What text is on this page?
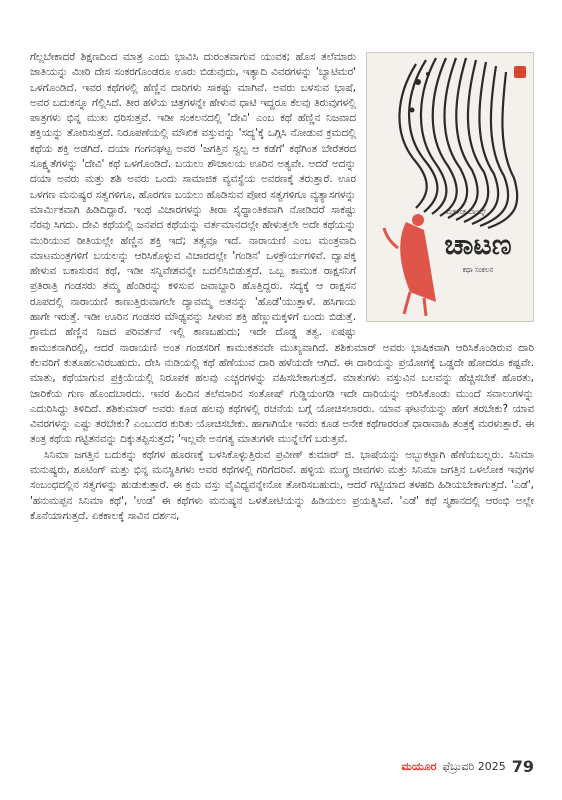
ಮಕಳಂಕ ಬಾಯ್ಕ್
ಚಾಟಣ
ಕಥಾ ಸಂಕಲನ

ಗೆಲ್ಲಬೇಕಾದರೆ ಶಿಕ್ಷಣದಿಂದ ಮಾತ್ರ ಎಂದು ಭಾವಿಸಿ ದುರಂತವಾಗುವ ಯುವಕ; ಹೊಸ ತಲೆಮಾರು ಜಾತಿಯನ್ನು ಮೀರಿ ದೇಸ ಸಂಕರಗೊಂಡರೂ ಊರು ಬಿಡುವುದು, ಇತ್ಯಾದಿ ವಿವರಗಳನ್ನು 'ಬ್ಯಾಟಿಮರ' ಒಳಗೊಂಡಿದೆ. ಇವರ ಕಥೆಗಳಲ್ಲಿ ಹೆಣ್ಣಿನ ದಾರಿಗಳು ಸಾಕಷ್ಟು ಮಾಗಿವೆ. ಅವರು ಬಳಸುವ ಭಾಷೆ, ಅವರ ಬದುಕನ್ನೂ ಗೆಲ್ಲಿಸಿದೆ. ತೀರ ಹಳೆಯ ಚಿತ್ರಗಳನ್ನೇ ಹೇಳುವ ಧಾಟಿ ಇದ್ದರೂ ಕೆಲವು ತಿರುವುಗಳಲ್ಲಿ ಪಾತ್ರಗಳು ಭಿನ್ನ ಮುಖ ಧರಿಸುತ್ತವೆ. ಇಡೀ ಸಂಕಲನದಲ್ಲಿ 'ದೇವಿ' ಎಂಬ ಕಥೆ ಹೆಣ್ಣಿನ ನಿಜವಾದ ಶಕ್ತಿಯನ್ನು ತೋರಿಸುತ್ತದೆ. ನಿರೂಪಣೆಯಲ್ಲಿ ಮೌಖಿಕ ವಸ್ತುವನ್ನು 'ಸದ್ಯ'ಕ್ಕೆ ಒಗ್ಗಿಸಿ ನೋಡುವ ಕ್ರಮದಲ್ಲಿ ಕಥೆಯ ಶಕ್ತಿ ಅಡಗಿದೆ. ದಯಾ ಗಂಗನಘಟ್ಟ ಅವರ 'ಜಗತ್ತಿನ ಸ್ವಲ್ಪ ಆ ಕಡೆಗೆ' ಕಥೆಗಿಂತ ಬೇರೆತರದ ಸೂಕ್ಷ್ಮತೆಗಳನ್ನು 'ದೇವಿ' ಕಥೆ ಒಳಗೊಂಡಿದೆ. ಬಯಲು ಶೌಚಾಲಯ ಊರಿನ ಅತ್ಯವೇ. ಅದರೆ ಅದನ್ನು ದಯಾ ಅವರು ಮತ್ತು ಶಶಿ ಅವರು ಒಂದು ಸಾಮಾಜಿಕ ವ್ಯವಸ್ಥೆಯ ಅವರಣಕ್ಕೆ ತರುತ್ತಾರೆ. ಊರ ಒಳಗಣ ಮನುಷ್ಯರ ಸತ್ವಗಳಿಗೂ, ಹೊರಗಣ ಬಯಲು ಹೊಡಿಸುವ ಪೋರ ಸತ್ವಗಳಿಗೂ ವ್ಯತ್ಯಾಸಗಳನ್ನು ಮಾರ್ಮಿಕವಾಗಿ ಹಿಡಿದಿದ್ದಾರೆ. ಇಂಥ ವಿಚಾರಗಳನ್ನು ತೀರಾ ಸೈದ್ಧಾಂತಿಕವಾಗಿ ನೋಡಿದರೆ ಸಾಕಷ್ಟು ನೆರವು ಸಿಗದು. ದೇವಿ ಕಥೆಯಲ್ಲಿ ಜನಪದ ಕಥೆಯನ್ನು ವರ್ತಮಾನದಲ್ಲೇ ಹೇಳುತ್ತಲೇ ಅದೇ ಕಥೆಯನ್ನು ಮುರಿಯುವ ರೀತಿಯಲ್ಲೇ ಹೆಣ್ಣಿನ ಶಕ್ತಿ ಇದೆ; ತತ್ವವೂ ಇದೆ. ನಾರಾಯಣಿ ಎಂಬ ಮಂತ್ರವಾದಿ ಮಾಟಮಂತ್ರಗಳಿಗೆ ಬಯಲನ್ನು ಆರಿಸಿಕೊಳ್ಳುವ ವಿಚಾರದಲ್ಲೇ 'ಗಂಡಿನ' ಒಳಕ್ರೌರ್ಯಗಳಿವೆ. ದ್ವಾಪಕ್ಕ ಹೇಳುವ ಬಕಾಸುರನ ಕಥೆ, ಇಡೀ ಸನ್ನಿವೇಶವನ್ನೇ ಬದಲಿಸಿಬಿಡುತ್ತದೆ. ಒಬ್ಬ ಕಾಮುಕ ರಾಕ್ಷಸನಿಗೆ ಪ್ರತಿರಾತ್ರಿ ಗಂಡಸರು ತಮ್ಮ ಹೆಂಡಿರನ್ನು ಕಳಿಸುವ ಜವಾಬ್ದಾರಿ ಹೊತ್ತಿದ್ದರು. ಸದ್ಯಕ್ಕೆ ಆ ರಾಕ್ಷಸನ ರೂಪದಲ್ಲಿ ನಾರಾಯಣಿ ಕಾಣುತ್ತಿರುವಾಗಲೇ ದ್ಯಾವಮ್ಮ ಅತನನ್ನು 'ಹೊಡೆ'ಯುತ್ತಾಳೆ. ಹಸಿಗಾಯ ಹಾಗೇ ಇರುತ್ತೆ. ಇಡೀ ಊರಿನ ಗಂಡಸರ ಮೌಢ್ಯವನ್ನು ಸೀಳುವ ಶಕ್ತಿ ಹೆಣ್ಣುಮಕ್ಕಳಿಗೆ ಬಂದು ಬಿಡುತ್ತೆ. ಗ್ರಾಮದ ಹೆಣ್ಣಿನ ನಿಜದ ಪರಿವರ್ತನೆ ಇಲ್ಲಿ ಕಾಣಬಹುದು; ಇದೇ ದೊಡ್ಡ ತತ್ವ. ಏಷಷ್ಟು ಕಾಮುಕನಾಗಿರಲ್ಲಿ, ಆದರೆ ನಾರಾಯಣಿ ಅಂತ ಗಂಡಸರಿಗೆ ಕಾಮುಕತನವೇ ಮುಖ್ಯವಾಗಿದೆ. ಶಶಿಕುಮಾರ್ ಅವರು ಭಾಷಿಕವಾಗಿ ಆರಿಸಿಕೊಂಡಿರುವ ದಾರಿ ಕೆಲವರಿಗೆ ಕುತೂಹಲವಿರಬಹುದು. ದೇಸಿ ನುಡಿಯಲ್ಲಿ ಕಥೆ ಹೆಣೆಯುವ ದಾರಿ ಹಳೆಯದೇ ಆಗಿದೆ. ಈ ದಾರಿಯನ್ನು ಪ್ರಯೋಗಕ್ಕೆ ಒಡ್ಡದೇ ಹೋದರೂ ಕಷ್ಟವೇ. ಮಾತು, ಕಥೆಯಾಗುವ ಪ್ರಕ್ರಿಯೆಯಲ್ಲಿ ನಿರೂಪಕ ಹಲವು ಎಚ್ಚರಗಳನ್ನು ವಹಿಸಬೇಕಾಗುತ್ತದೆ. ಮಾತುಗಳು ವಸ್ತುವಿನ ಬಲವನ್ನು ಹೆಚ್ಚಿಸಬೇಕೆ ಹೊರತು, ಜಾರಿಕೆಯ ಗುಣ ಹೊಂದಬಾರದು. ಇವರ ಹಿಂದಿನ ತಲೆಮಾರಿನ ಸಂತೋಷ್ ಗುಡ್ಡಿಯಂಗಡಿ ಇದೇ ದಾರಿಯನ್ನು ಆರಿಸಿಕೊಂಡು ಮುಂದೆ ಸವಾಲುಗಳನ್ನು ಎದುರಿಸಿದ್ದು ತಿಳಿದಿದೆ. ಶಶಿಕುಮಾರ್ ಅವರು ಕೂಡ ಹಲವು ಕಥೆಗಳಲ್ಲಿ ರಚನೆಯ ಬಗ್ಗೆ ಯೋಚಿಸಲಾರರು. ಯಾವ ಘಟನೆಯನ್ನು ಹೇಗೆ ತರಬೇಕು? ಯಾವ ವಿವರಗಳನ್ನು ಎಷ್ಟು ತರಬೇಕು? ಎಂಬುದರ ಕುರಿತು ಯೋಚಿಸಬೇಕು. ಹಾಗಾಗಿಯೇ ಇವರು ಕೂಡ ಅನೇಕ ಕಥೆಗಾರರಂತೆ ಧಾರಾವಾಹಿ ತಂತ್ರಕ್ಕೆ ಮರಳುತ್ತಾರೆ. ಈ ತಂತ್ರ ಕಥೆಯ ಗಟ್ಟಿತನವನ್ನು ದಿಕ್ಕುತಪ್ಪಿಸುತ್ತದೆ; 'ಇಲ್ಲವೇ ಅನಗತ್ಯ ಮಾತುಗಳೇ ಮುನ್ನೆಲೆಗೆ ಬರುತ್ತವೆ.

ಸಿನಿಮಾ ಜಗತ್ತಿನ ಬದುಕನ್ನು ಕಥೆಗಳ ಹೂರಣಕ್ಕೆ ಬಳಸಿಕೊಳ್ಳುತ್ತಿರುವ ಪ್ರವೀಣ್ ಕುಮಾರ್ ಜಿ. ಭಾಷೆಯನ್ನು ಅಬ್ಬುಕಟ್ಟಾಗಿ ಹೆಣೆಯಬಲ್ಲರು. ಸಿನಿಮಾ ಮನುಷ್ಯರು, ಶೂಟಿಂಗ್ ಮತ್ತು ಭಿನ್ನ ಮನಸ್ಥಿತಿಗಳು ಅವರ ಕಥೆಗಳಲ್ಲಿ ಗರಿಗೆದರಿವೆ. ಹಳ್ಳಿಯ ಮುಗ್ಧ ಜೀವಗಳು ಮತ್ತು ಸಿನಿಮಾ ಜಗತ್ತಿನ ಒಳಲೋಕ ಇವುಗಳ ಸಂಬಂಧದಲ್ಲಿನ ಸತ್ವಗಳನ್ನು ಹುಡುಕುತ್ತಾರೆ. ಈ ಕ್ರಮ ವಸ್ತು ವೈವಿಧ್ಯವನ್ನೇನೋ ತೋರಿಸಬಹುದು, ಆದರೆ ಗಟ್ಟಿಯಾದ ತಳಹದಿ ಹಿಡಿಯಬೇಕಾಗುತ್ತದೆ. 'ಎಡೆ', 'ಹನುಮಪ್ಪನ ಸಿನಿಮಾ ಕಥೆ', 'ಉಡ' ಈ ಕಥೆಗಳು ಮನುಷ್ಯನ ಒಳತೋಟಿಯನ್ನು ಹಿಡಿಯಲು ಪ್ರಯತ್ನಿಸಿವೆ. 'ಎಡೆ' ಕಥೆ ಸ್ಮಶಾನದಲ್ಲಿ ಆರಂಭಿ ಅಲ್ಲೇ ಕೊನೆಯಾಗುತ್ತದೆ. ಏಕಕಾಲಕ್ಕೆ ಸಾವಿನ ದರ್ಶನ,

ಮಯೂರ ಫೆಬ್ರುವರಿ 2025 79
